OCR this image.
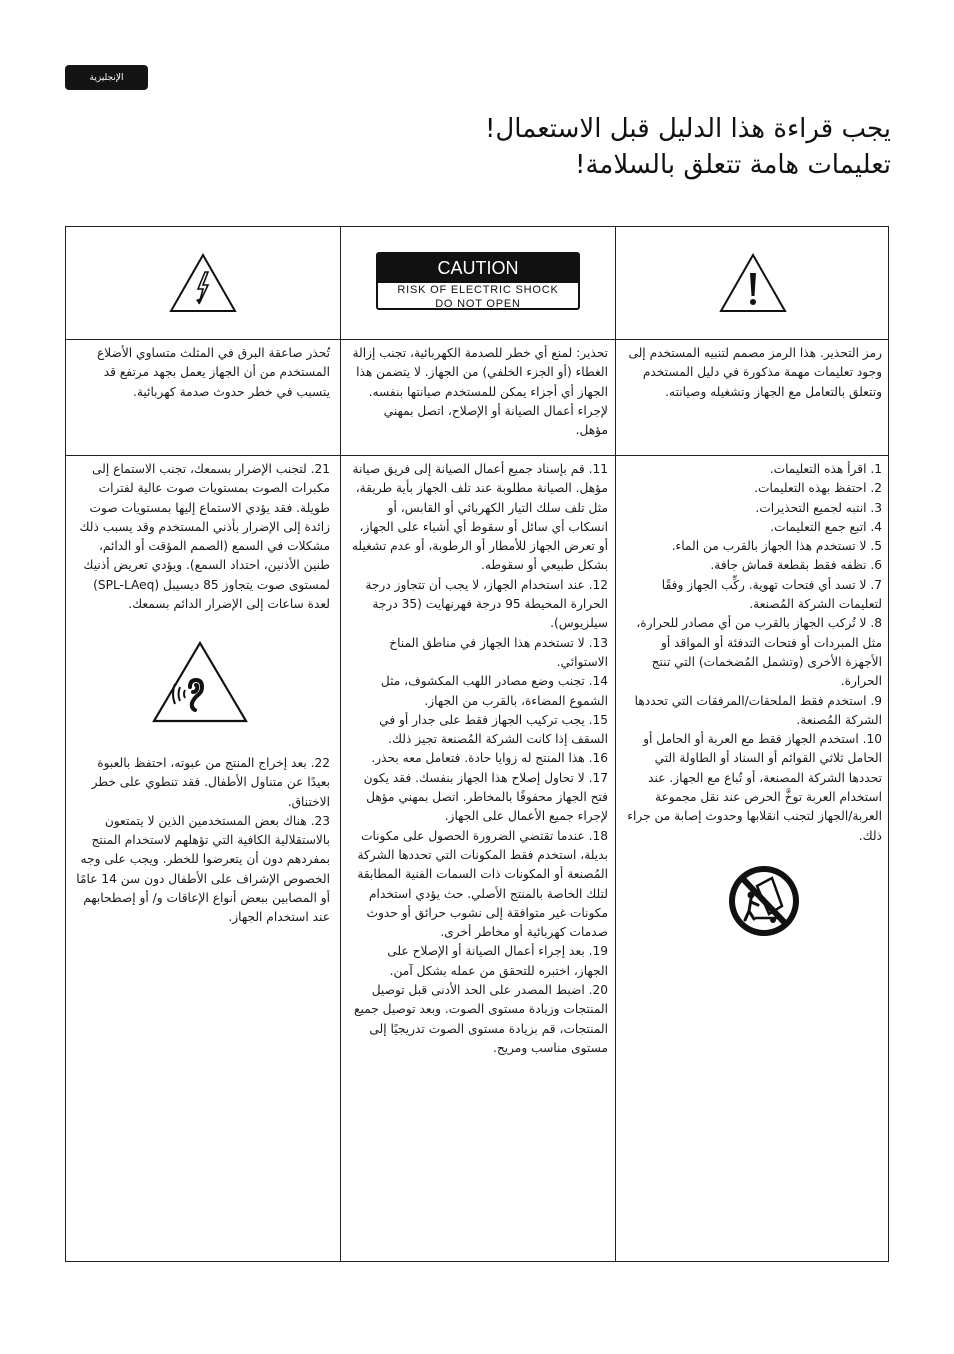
الإنجليزية
يجب قراءة هذا الدليل قبل الاستعمال!
تعليمات هامة تتعلق بالسلامة!
CAUTION
RISK OF ELECTRIC SHOCK
DO NOT OPEN

تُحذر صاعقة البرق في المثلث متساوي الأضلاع المستخدم من أن الجهاز يعمل بجهد مرتفع قد يتسبب في خطر حدوث صدمة كهربائية.

تحذير: لمنع أي خطر للصدمة الكهربائية، تجنب إزالة الغطاء (أو الجزء الخلفي) من الجهاز. لا يتضمن هذا الجهاز أي أجزاء يمكن للمستخدم صيانتها بنفسه. لإجراء أعمال الصيانة أو الإصلاح، اتصل بمهني مؤهل.

رمز التحذير. هذا الرمز مصمم لتنبيه المستخدم إلى وجود تعليمات مهمة مذكورة في دليل المستخدم وتتعلق بالتعامل مع الجهاز وتشغيله وصيانته.

1. اقرأ هذه التعليمات.

2. احتفظ بهذه التعليمات.

3. انتبه لجميع التحذيرات.

4. اتبع جمع التعليمات.

5. لا تستخدم هذا الجهاز بالقرب من الماء.

6. نظفه فقط بقطعة قماش جافة.

7. لا تسد أي فتحات تهوية. ركِّب الجهاز وفقًا لتعليمات الشركة المُصنعة.

8. لا تُركب الجهاز بالقرب من أي مصادر للحرارة، مثل المبردات أو فتحات التدفئة أو المواقد أو الأجهزة الأخرى (وتشمل المُضخمات) التي تنتج الحرارة.

9. استخدم فقط الملحقات/المرفقات التي تحددها الشركة المُصنعة.

10. استخدم الجهاز فقط مع العربة أو الحامل أو الحامل ثلاثي القوائم أو السناد أو الطاولة التي تحددها الشركة المصنعة، أو تُباع مع الجهاز. عند استخدام العربة توخَّ الحرص عند نقل مجموعة العربة/الجهاز لتجنب انقلابها وحدوث إصابة من جراء ذلك.

11. قم بإسناد جميع أعمال الصيانة إلى فريق صيانة مؤهل. الصيانة مطلوبة عند تلف الجهاز بأية طريقة، مثل تلف سلك التيار الكهربائي أو القابس، أو انسكاب أي سائل أو سقوط أي أشياء على الجهاز، أو تعرض الجهاز للأمطار أو الرطوبة، أو عدم تشغيله بشكل طبيعي أو سقوطه.

12. عند استخدام الجهاز، لا يجب أن تتجاوز درجة الحرارة المحيطة 95 درجة فهرنهايت (35 درجة سيلزيوس).

13. لا تستخدم هذا الجهاز في مناطق المناخ الاستوائي.

14. تجنب وضع مصادر اللهب المكشوف، مثل الشموع المضاءة، بالقرب من الجهاز.

15. يجب تركيب الجهاز فقط على جدار أو في السقف إذا كانت الشركة المُصنعة تجيز ذلك.

16. هذا المنتج له زوايا حادة. فتعامل معه بحذر.

17. لا تحاول إصلاح هذا الجهاز بنفسك. فقد يكون فتح الجهاز محفوفًا بالمخاطر. اتصل بمهني مؤهل لإجراء جميع الأعمال على الجهاز.

18. عندما تقتضي الضرورة الحصول على مكونات بديلة، استخدم فقط المكونات التي تحددها الشركة المُصنعة أو المكونات ذات السمات الفنية المطابقة لتلك الخاصة بالمنتج الأصلي. حث يؤدي استخدام مكونات غير متوافقة إلى نشوب حرائق أو حدوث صدمات كهربائية أو مخاطر أخرى.

19. بعد إجراء أعمال الصيانة أو الإصلاح على الجهاز، اختبره للتحقق من عمله بشكل آمن.

20. اضبط المصدر على الحد الأدنى قبل توصيل المنتجات وزيادة مستوى الصوت. وبعد توصيل جميع المنتجات، قم بزيادة مستوى الصوت تدريجيًا إلى مستوى مناسب ومريح.

21. لتجنب الإضرار بسمعك، تجنب الاستماع إلى مكبرات الصوت بمستويات صوت عالية لفترات طويلة. فقد يؤدي الاستماع إليها بمستويات صوت زائدة إلى الإضرار بأذني المستخدم وقد يسبب ذلك مشكلات في السمع (الصمم المؤقت أو الدائم، طنين الأذنين، احتداد السمع). ويؤدي تعريض أذنيك لمستوى صوت يتجاوز 85 ديسيبل (SPL-LAeq) لعدة ساعات إلى الإضرار الدائم بسمعك.

22. بعد إخراج المنتج من عبوته، احتفظ بالعبوة بعيدًا عن متناول الأطفال. فقد تنطوي على خطر الاختناق.

23. هناك بعض المستخدمين الذين لا يتمتعون بالاستقلالية الكافية التي تؤهلهم لاستخدام المنتج بمفردهم دون أن يتعرضوا للخطر. ويجب على وجه الخصوص الإشراف على الأطفال دون سن 14 عامًا أو المصابين ببعض أنواع الإعاقات و/ أو إصطحابهم عند استخدام الجهاز.
